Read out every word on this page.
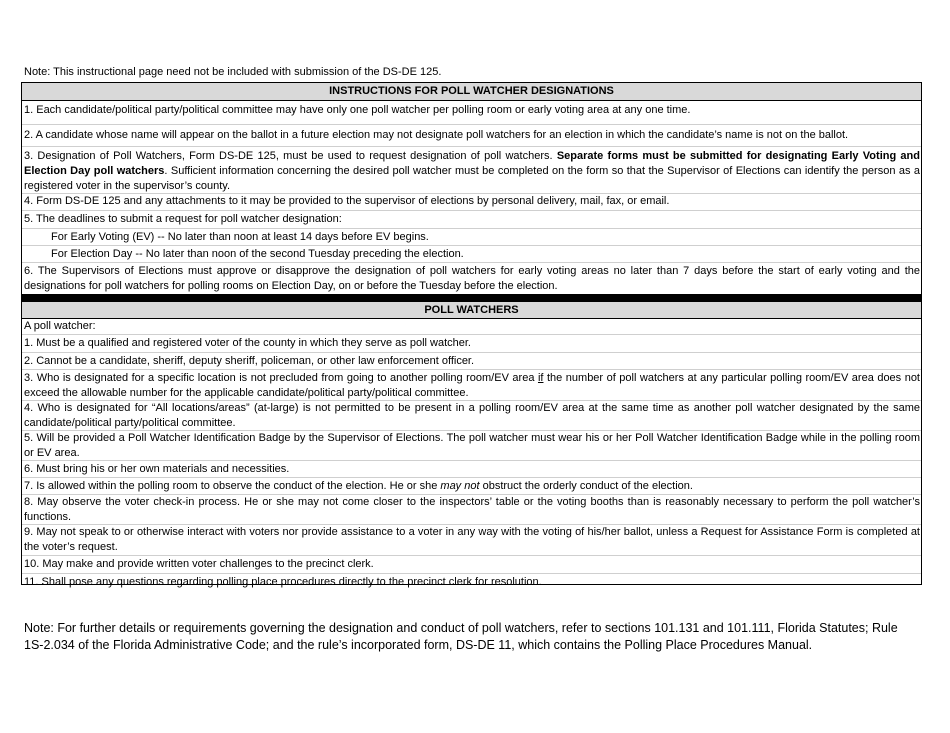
Note: This instructional page need not be included with submission of the DS-DE 125.
INSTRUCTIONS FOR POLL WATCHER DESIGNATIONS
1. Each candidate/political party/political committee may have only one poll watcher per polling room or early voting area at any one time.
2. A candidate whose name will appear on the ballot in a future election may not designate poll watchers for an election in which the candidate’s name is not on the ballot.
3. Designation of Poll Watchers, Form DS-DE 125, must be used to request designation of poll watchers. Separate forms must be submitted for designating Early Voting and Election Day poll watchers. Sufficient information concerning the desired poll watcher must be completed on the form so that the Supervisor of Elections can identify the person as a registered voter in the supervisor’s county.
4. Form DS-DE 125 and any attachments to it may be provided to the supervisor of elections by personal delivery, mail, fax, or email.
5. The deadlines to submit a request for poll watcher designation:
For Early Voting (EV) -- No later than noon at least 14 days before EV begins.
For Election Day -- No later than noon of the second Tuesday preceding the election.
6. The Supervisors of Elections must approve or disapprove the designation of poll watchers for early voting areas no later than 7 days before the start of early voting and the designations for poll watchers for polling rooms on Election Day, on or before the Tuesday before the election.
POLL WATCHERS
A poll watcher:
1. Must be a qualified and registered voter of the county in which they serve as poll watcher.
2. Cannot be a candidate, sheriff, deputy sheriff, policeman, or other law enforcement officer.
3. Who is designated for a specific location is not precluded from going to another polling room/EV area if the number of poll watchers at any particular polling room/EV area does not exceed the allowable number for the applicable candidate/political party/political committee.
4. Who is designated for “All locations/areas” (at-large) is not permitted to be present in a polling room/EV area at the same time as another poll watcher designated by the same candidate/political party/political committee.
5. Will be provided a Poll Watcher Identification Badge by the Supervisor of Elections. The poll watcher must wear his or her Poll Watcher Identification Badge while in the polling room or EV area.
6. Must bring his or her own materials and necessities.
7. Is allowed within the polling room to observe the conduct of the election. He or she may not obstruct the orderly conduct of the election.
8. May observe the voter check-in process. He or she may not come closer to the inspectors’ table or the voting booths than is reasonably necessary to perform the poll watcher’s functions.
9. May not speak to or otherwise interact with voters nor provide assistance to a voter in any way with the voting of his/her ballot, unless a Request for Assistance Form is completed at the voter’s request.
10. May make and provide written voter challenges to the precinct clerk.
11. Shall pose any questions regarding polling place procedures directly to the precinct clerk for resolution.
Note: For further details or requirements governing the designation and conduct of poll watchers, refer to sections 101.131 and 101.111, Florida Statutes; Rule 1S-2.034 of the Florida Administrative Code; and the rule’s incorporated form, DS-DE 11, which contains the Polling Place Procedures Manual.
